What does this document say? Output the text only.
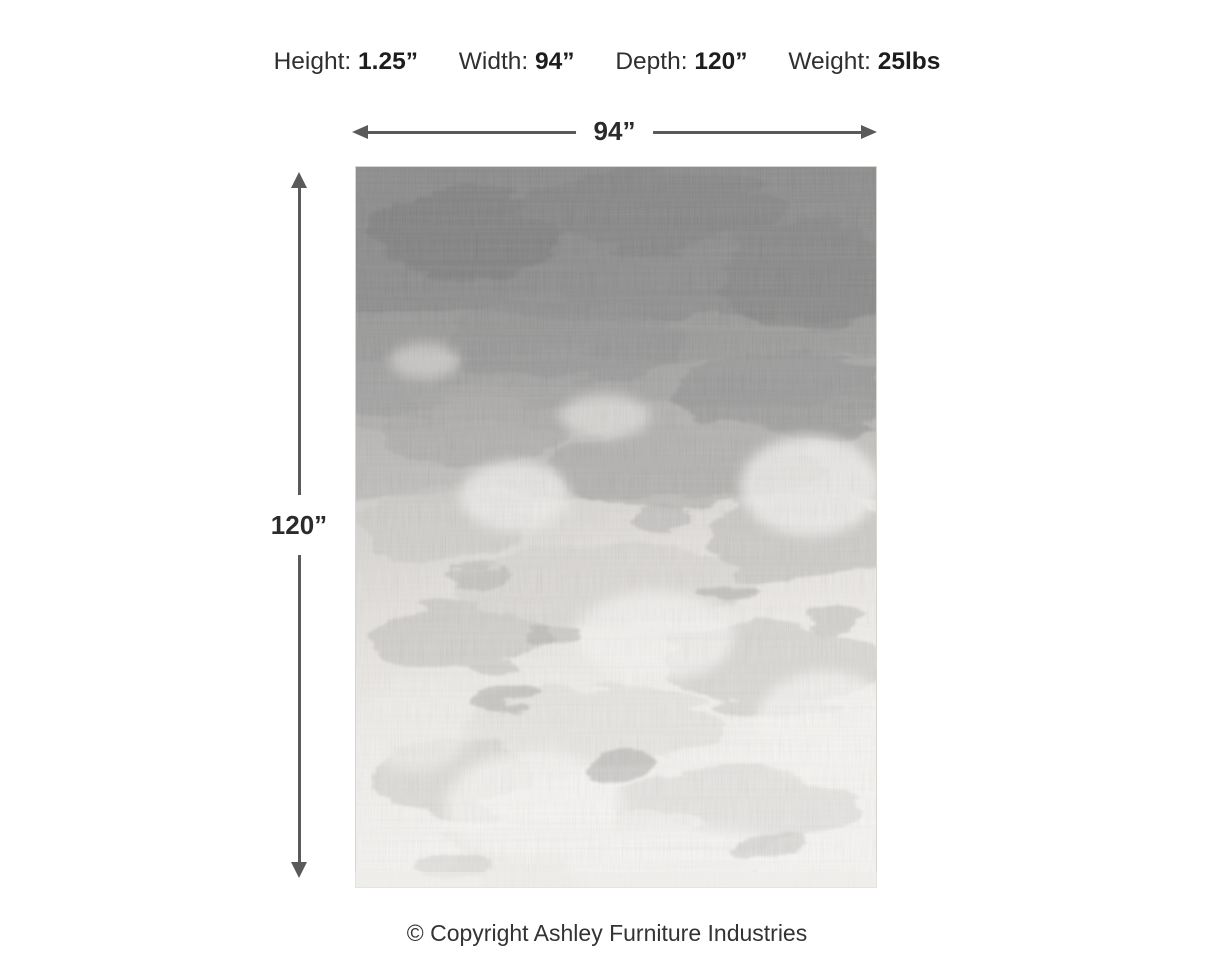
Height: 1.25” Width: 94” Depth: 120” Weight: 25lbs
94”
120”
© Copyright Ashley Furniture Industries
